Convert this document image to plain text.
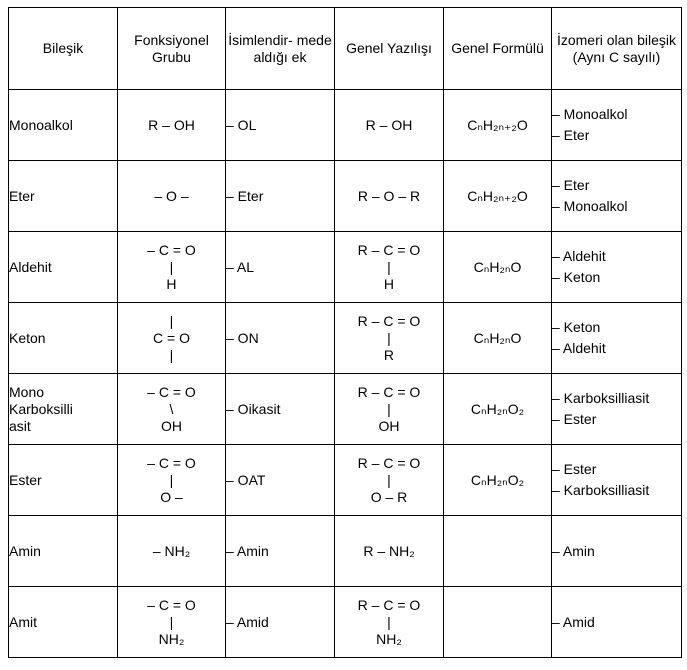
Bileşik	Fonksiyonel Grubu	İsimlendir- mede aldığı ek	Genel Yazılışı	Genel Formülü	İzomeri olan bileşik (Aynı C sayılı)

Monoalkol	R – OH	– OL	R – OH	CₙH₂ₙ₊₂O	– Monoalkol
– Eter

Eter	– O –	– Eter	R – O – R	CₙH₂ₙ₊₂O	– Eter
– Monoalkol

Aldehit	– C = O
|
H	– AL	R – C = O
|
H	CₙH₂ₙO	– Aldehit
– Keton

Keton	|
C = O
|	– ON	R – C = O
|
R	CₙH₂ₙO	– Keton
– Aldehit

Mono
Karboksilli
asit	– C = O
\
OH	– Oikasit	R – C = O
|
OH	CₙH₂ₙO₂	– Karboksilliasit
– Ester

Ester	– C = O
|
O –	– OAT	R – C = O
|
O – R	CₙH₂ₙO₂	– Ester
– Karboksilliasit

Amin	– NH₂	– Amin	R – NH₂		– Amin

Amit	– C = O
|
NH₂	– Amid	R – C = O
|
NH₂		– Amid
